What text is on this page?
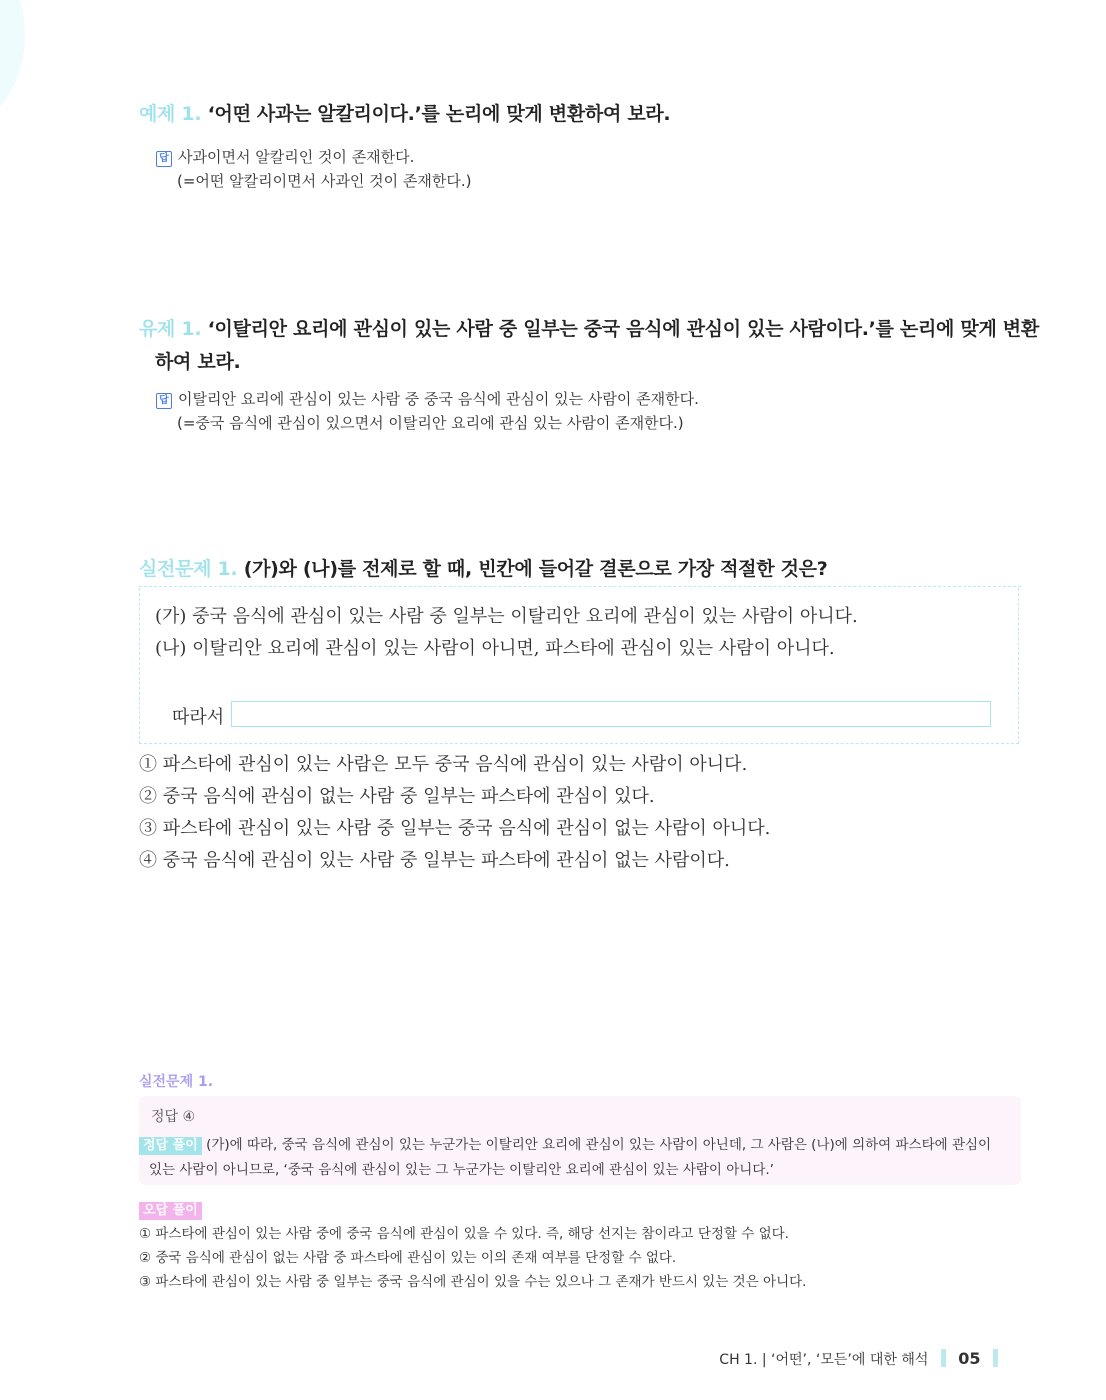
예제 1. ‘어떤 사과는 알칼리이다.’를 논리에 맞게 변환하여 보라.
답 사과이면서 알칼리인 것이 존재한다.
(=어떤 알칼리이면서 사과인 것이 존재한다.)
유제 1. ‘이탈리안 요리에 관심이 있는 사람 중 일부는 중국 음식에 관심이 있는 사람이다.’를 논리에 맞게 변환
하여 보라.
답 이탈리안 요리에 관심이 있는 사람 중 중국 음식에 관심이 있는 사람이 존재한다.
(=중국 음식에 관심이 있으면서 이탈리안 요리에 관심 있는 사람이 존재한다.)
실전문제 1. (가)와 (나)를 전제로 할 때, 빈칸에 들어갈 결론으로 가장 적절한 것은?
(가) 중국 음식에 관심이 있는 사람 중 일부는 이탈리안 요리에 관심이 있는 사람이 아니다.
(나) 이탈리안 요리에 관심이 있는 사람이 아니면, 파스타에 관심이 있는 사람이 아니다.
따라서
① 파스타에 관심이 있는 사람은 모두 중국 음식에 관심이 있는 사람이 아니다.
② 중국 음식에 관심이 없는 사람 중 일부는 파스타에 관심이 있다.
③ 파스타에 관심이 있는 사람 중 일부는 중국 음식에 관심이 없는 사람이 아니다.
④ 중국 음식에 관심이 있는 사람 중 일부는 파스타에 관심이 없는 사람이다.
실전문제 1.
정답 ④
정답 풀이 (가)에 따라, 중국 음식에 관심이 있는 누군가는 이탈리안 요리에 관심이 있는 사람이 아닌데, 그 사람은 (나)에 의하여 파스타에 관심이
있는 사람이 아니므로, ‘중국 음식에 관심이 있는 그 누군가는 이탈리안 요리에 관심이 있는 사람이 아니다.’
오답 풀이
① 파스타에 관심이 있는 사람 중에 중국 음식에 관심이 있을 수 있다. 즉, 해당 선지는 참이라고 단정할 수 없다.
② 중국 음식에 관심이 없는 사람 중 파스타에 관심이 있는 이의 존재 여부를 단정할 수 없다.
③ 파스타에 관심이 있는 사람 중 일부는 중국 음식에 관심이 있을 수는 있으나 그 존재가 반드시 있는 것은 아니다.
CH 1. | ‘어떤’, ‘모든’에 대한 해석 05
